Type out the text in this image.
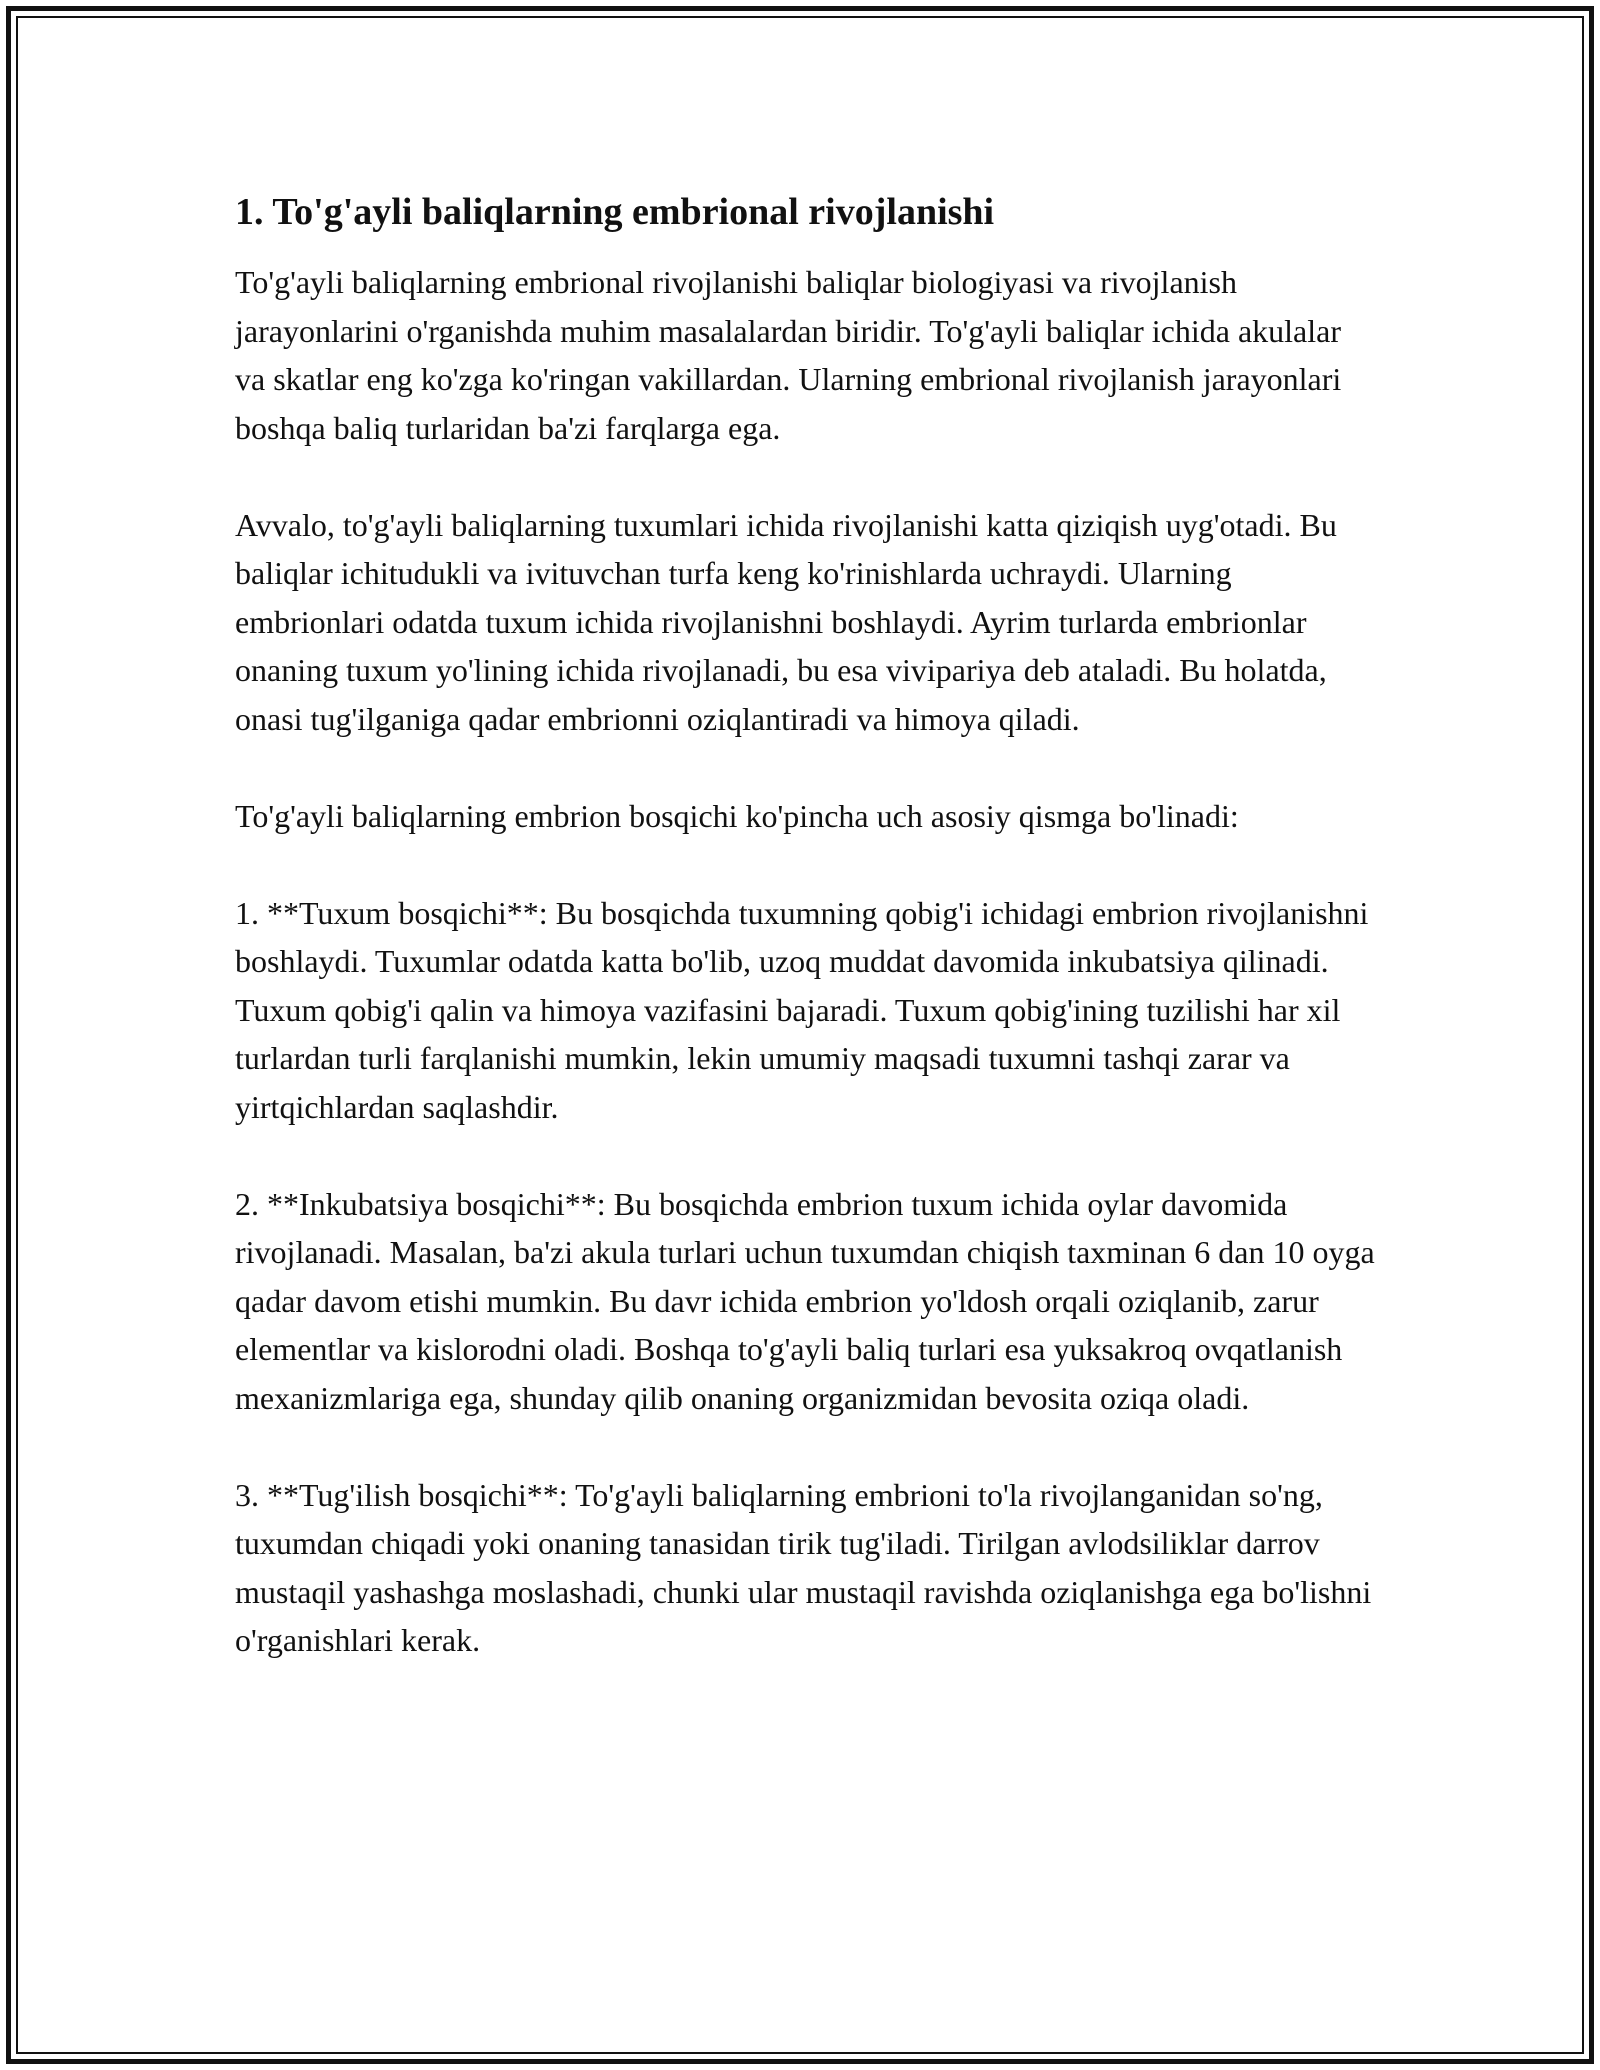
1. To'g'ayli baliqlarning embrional rivojlanishi

To'g'ayli baliqlarning embrional rivojlanishi baliqlar biologiyasi va rivojlanish jarayonlarini o'rganishda muhim masalalardan biridir. To'g'ayli baliqlar ichida akulalar va skatlar eng ko'zga ko'ringan vakillardan. Ularning embrional rivojlanish jarayonlari boshqa baliq turlaridan ba'zi farqlarga ega.

Avvalo, to'g'ayli baliqlarning tuxumlari ichida rivojlanishi katta qiziqish uyg'otadi. Bu baliqlar ichitudukli va ivituvchan turfa keng ko'rinishlarda uchraydi. Ularning embrionlari odatda tuxum ichida rivojlanishni boshlaydi. Ayrim turlarda embrionlar onaning tuxum yo'lining ichida rivojlanadi, bu esa vivipariya deb ataladi. Bu holatda, onasi tug'ilganiga qadar embrionni oziqlantiradi va himoya qiladi.

To'g'ayli baliqlarning embrion bosqichi ko'pincha uch asosiy qismga bo'linadi:

1. **Tuxum bosqichi**: Bu bosqichda tuxumning qobig'i ichidagi embrion rivojlanishni boshlaydi. Tuxumlar odatda katta bo'lib, uzoq muddat davomida inkubatsiya qilinadi. Tuxum qobig'i qalin va himoya vazifasini bajaradi. Tuxum qobig'ining tuzilishi har xil turlardan turli farqlanishi mumkin, lekin umumiy maqsadi tuxumni tashqi zarar va yirtqichlardan saqlashdir.

2. **Inkubatsiya bosqichi**: Bu bosqichda embrion tuxum ichida oylar davomida rivojlanadi. Masalan, ba'zi akula turlari uchun tuxumdan chiqish taxminan 6 dan 10 oyga qadar davom etishi mumkin. Bu davr ichida embrion yo'ldosh orqali oziqlanib, zarur elementlar va kislorodni oladi. Boshqa to'g'ayli baliq turlari esa yuksakroq ovqatlanish mexanizmlariga ega, shunday qilib onaning organizmidan bevosita oziqa oladi.

3. **Tug'ilish bosqichi**: To'g'ayli baliqlarning embrioni to'la rivojlanganidan so'ng, tuxumdan chiqadi yoki onaning tanasidan tirik tug'iladi. Tirilgan avlodsiliklar darrov mustaqil yashashga moslashadi, chunki ular mustaqil ravishda oziqlanishga ega bo'lishni o'rganishlari kerak.
